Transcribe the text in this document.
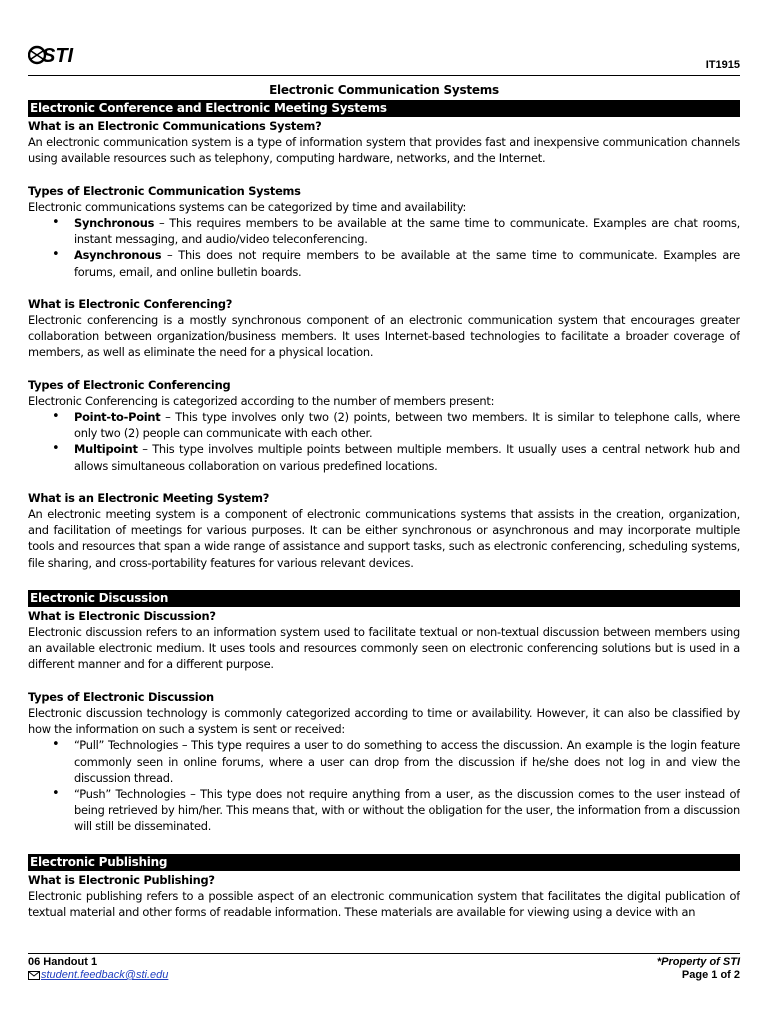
STI	IT1915
Electronic Communication Systems
Electronic Conference and Electronic Meeting Systems
What is an Electronic Communications System?
An electronic communication system is a type of information system that provides fast and inexpensive communication channels using available resources such as telephony, computing hardware, networks, and the Internet.
Types of Electronic Communication Systems
Electronic communications systems can be categorized by time and availability:
• Synchronous – This requires members to be available at the same time to communicate. Examples are chat rooms, instant messaging, and audio/video teleconferencing.
• Asynchronous – This does not require members to be available at the same time to communicate. Examples are forums, email, and online bulletin boards.
What is Electronic Conferencing?
Electronic conferencing is a mostly synchronous component of an electronic communication system that encourages greater collaboration between organization/business members. It uses Internet-based technologies to facilitate a broader coverage of members, as well as eliminate the need for a physical location.
Types of Electronic Conferencing
Electronic Conferencing is categorized according to the number of members present:
• Point-to-Point – This type involves only two (2) points, between two members. It is similar to telephone calls, where only two (2) people can communicate with each other.
• Multipoint – This type involves multiple points between multiple members. It usually uses a central network hub and allows simultaneous collaboration on various predefined locations.
What is an Electronic Meeting System?
An electronic meeting system is a component of electronic communications systems that assists in the creation, organization, and facilitation of meetings for various purposes. It can be either synchronous or asynchronous and may incorporate multiple tools and resources that span a wide range of assistance and support tasks, such as electronic conferencing, scheduling systems, file sharing, and cross-portability features for various relevant devices.
Electronic Discussion
What is Electronic Discussion?
Electronic discussion refers to an information system used to facilitate textual or non-textual discussion between members using an available electronic medium. It uses tools and resources commonly seen on electronic conferencing solutions but is used in a different manner and for a different purpose.
Types of Electronic Discussion
Electronic discussion technology is commonly categorized according to time or availability. However, it can also be classified by how the information on such a system is sent or received:
• “Pull” Technologies – This type requires a user to do something to access the discussion. An example is the login feature commonly seen in online forums, where a user can drop from the discussion if he/she does not log in and view the discussion thread.
• “Push” Technologies – This type does not require anything from a user, as the discussion comes to the user instead of being retrieved by him/her. This means that, with or without the obligation for the user, the information from a discussion will still be disseminated.
Electronic Publishing
What is Electronic Publishing?
Electronic publishing refers to a possible aspect of an electronic communication system that facilitates the digital publication of textual material and other forms of readable information. These materials are available for viewing using a device with an
06 Handout 1
student.feedback@sti.edu
*Property of STI
Page 1 of 2
